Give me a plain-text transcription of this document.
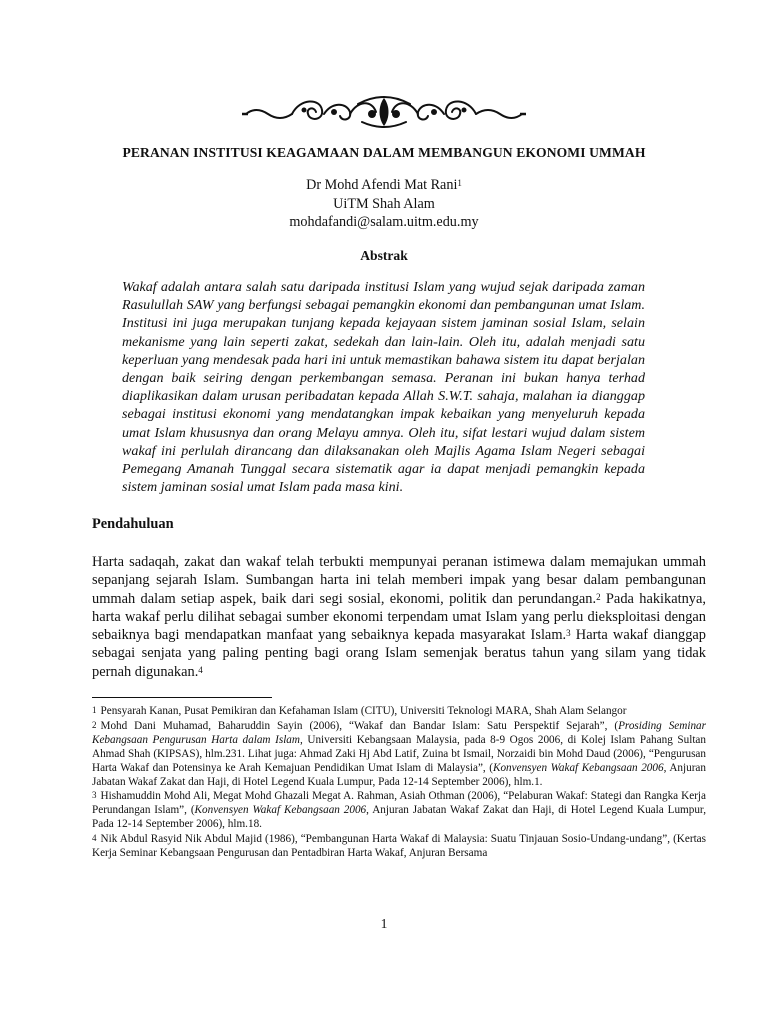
PERANAN INSTITUSI KEAGAMAAN DALAM MEMBANGUN EKONOMI UMMAH
Dr Mohd Afendi Mat Rani$^1$
UiTM Shah Alam
mohdafandi@salam.uitm.edu.my
Abstrak
Wakaf adalah antara salah satu daripada institusi Islam yang wujud sejak daripada zaman Rasulullah SAW yang berfungsi sebagai pemangkin ekonomi dan pembangunan umat Islam. Institusi ini juga merupakan tunjang kepada kejayaan sistem jaminan sosial Islam, selain mekanisme yang lain seperti zakat, sedekah dan lain-lain. Oleh itu, adalah menjadi satu keperluan yang mendesak pada hari ini untuk memastikan bahawa sistem itu dapat berjalan dengan baik seiring dengan perkembangan semasa. Peranan ini bukan hanya terhad diaplikasikan dalam urusan peribadatan kepada Allah S.W.T. sahaja, malahan ia dianggap sebagai institusi ekonomi yang mendatangkan impak kebaikan yang menyeluruh kepada umat Islam khususnya dan orang Melayu amnya. Oleh itu, sifat lestari wujud dalam sistem wakaf ini perlulah dirancang dan dilaksanakan oleh Majlis Agama Islam Negeri sebagai Pemegang Amanah Tunggal secara sistematik agar ia dapat menjadi pemangkin kepada sistem jaminan sosial umat Islam pada masa kini.
Pendahuluan
Harta sadaqah, zakat dan wakaf telah terbukti mempunyai peranan istimewa dalam memajukan ummah sepanjang sejarah Islam. Sumbangan harta ini telah memberi impak yang besar dalam pembangunan ummah dalam setiap aspek, baik dari segi sosial, ekonomi, politik dan perundangan.$^2$ Pada hakikatnya, harta wakaf perlu dilihat sebagai sumber ekonomi terpendam umat Islam yang perlu dieksploitasi dengan sebaiknya bagi mendapatkan manfaat yang sebaiknya kepada masyarakat Islam.$^3$ Harta wakaf dianggap sebagai senjata yang paling penting bagi orang Islam semenjak beratus tahun yang silam yang tidak pernah digunakan.$^4$

$^1$ Pensyarah Kanan, Pusat Pemikiran dan Kefahaman Islam (CITU), Universiti Teknologi MARA, Shah Alam Selangor

$^2$ Mohd Dani Muhamad, Baharuddin Sayin (2006), “Wakaf dan Bandar Islam: Satu Perspektif Sejarah”, (Prosiding Seminar Kebangsaan Pengurusan Harta dalam Islam, Universiti Kebangsaan Malaysia, pada 8-9 Ogos 2006, di Kolej Islam Pahang Sultan Ahmad Shah (KIPSAS), hlm.231. Lihat juga: Ahmad Zaki Hj Abd Latif, Zuina bt Ismail, Norzaidi bin Mohd Daud (2006), “Pengurusan Harta Wakaf dan Potensinya ke Arah Kemajuan Pendidikan Umat Islam di Malaysia”, (Konvensyen Wakaf Kebangsaan 2006, Anjuran Jabatan Wakaf Zakat dan Haji, di Hotel Legend Kuala Lumpur, Pada 12-14 September 2006), hlm.1.

$^3$ Hishamuddin Mohd Ali, Megat Mohd Ghazali Megat A. Rahman, Asiah Othman (2006), “Pelaburan Wakaf: Stategi dan Rangka Kerja Perundangan Islam”, (Konvensyen Wakaf Kebangsaan 2006, Anjuran Jabatan Wakaf Zakat dan Haji, di Hotel Legend Kuala Lumpur, Pada 12-14 September 2006), hlm.18.

$^4$ Nik Abdul Rasyid Nik Abdul Majid (1986), “Pembangunan Harta Wakaf di Malaysia: Suatu Tinjauan Sosio-Undang-undang”, (Kertas Kerja Seminar Kebangsaan Pengurusan dan Pentadbiran Harta Wakaf, Anjuran Bersama

1
